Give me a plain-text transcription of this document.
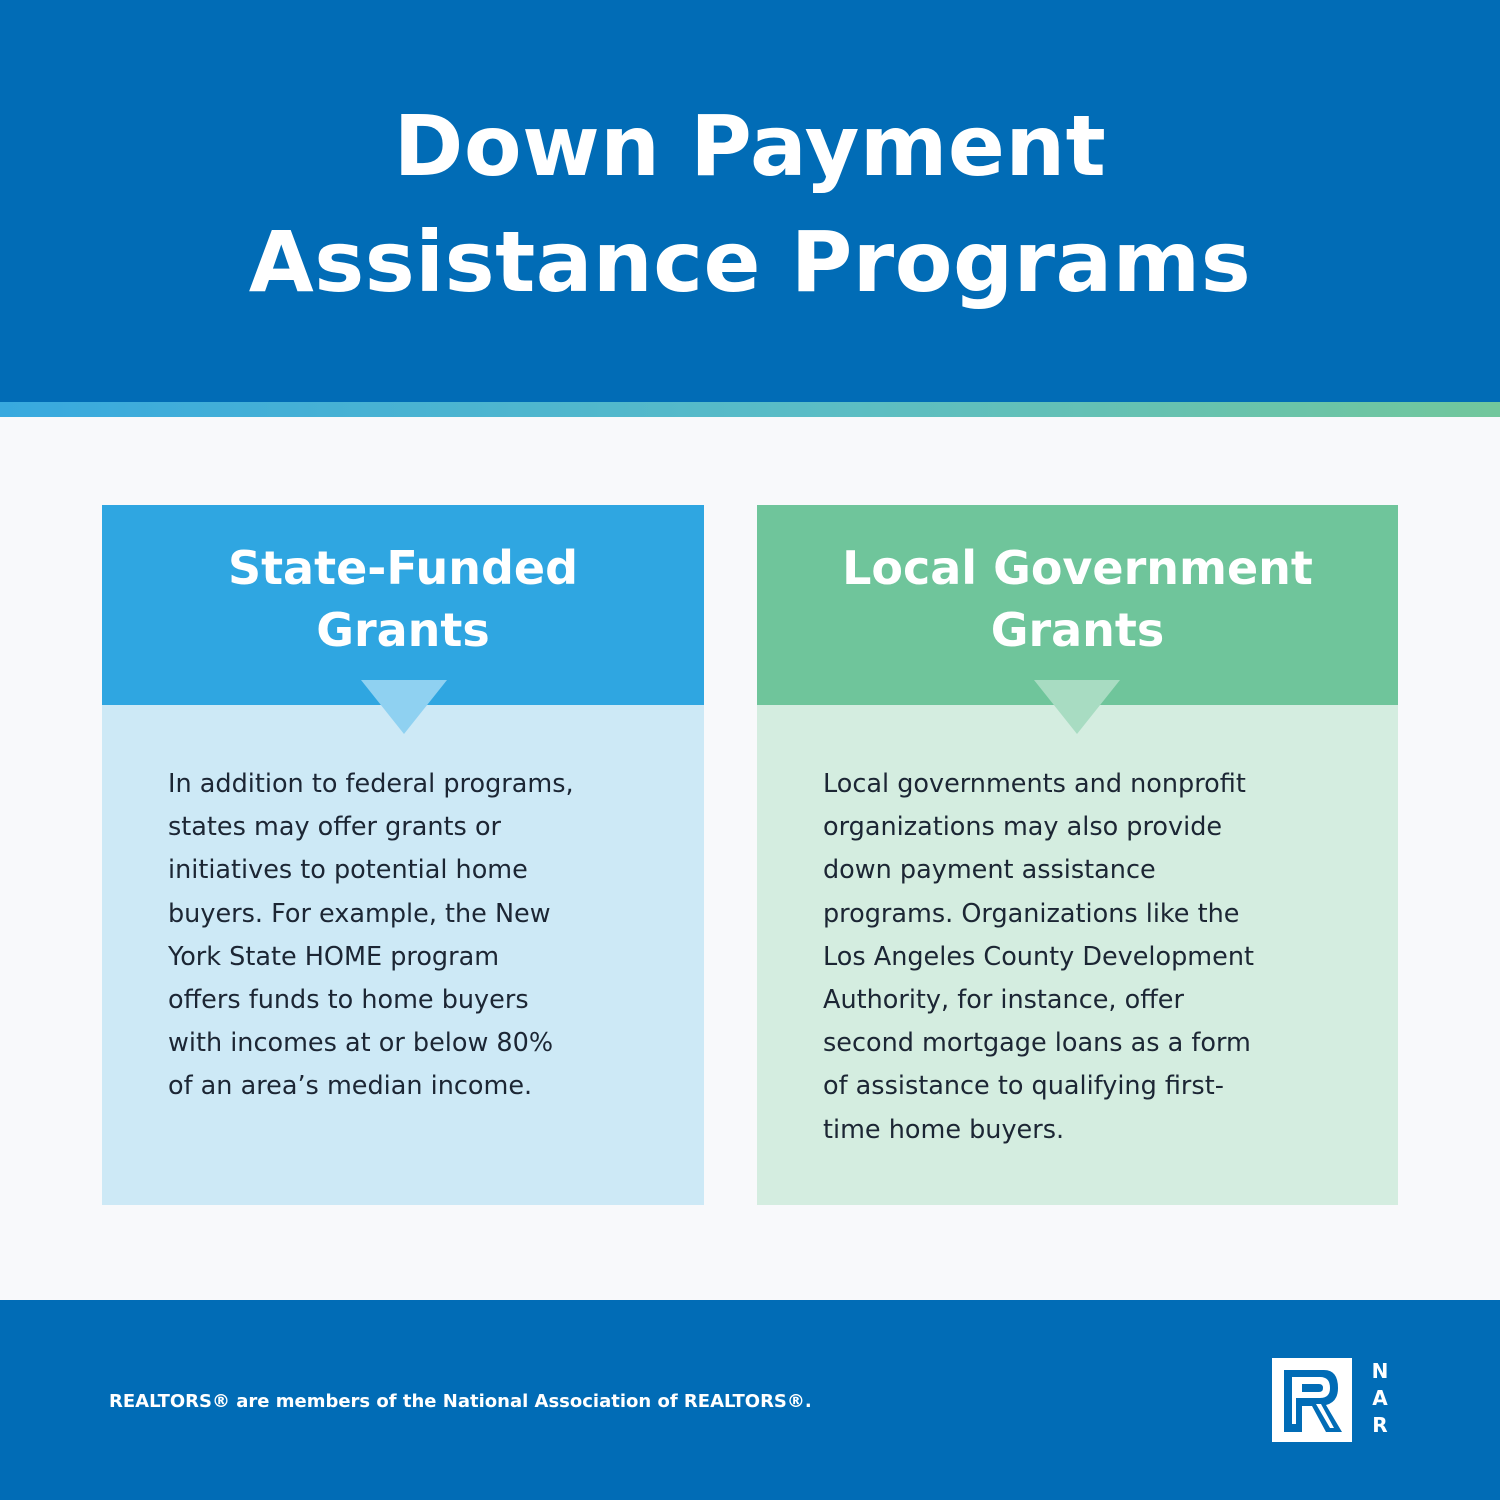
Down Payment
Assistance Programs
State-Funded
Grants
In addition to federal programs,
states may offer grants or
initiatives to potential home
buyers. For example, the New
York State HOME program
offers funds to home buyers
with incomes at or below 80%
of an area’s median income.
Local Government
Grants
Local governments and nonprofit
organizations may also provide
down payment assistance
programs. Organizations like the
Los Angeles County Development
Authority, for instance, offer
second mortgage loans as a form
of assistance to qualifying first-
time home buyers.
REALTORS® are members of the National Association of REALTORS®.
N
A
R
